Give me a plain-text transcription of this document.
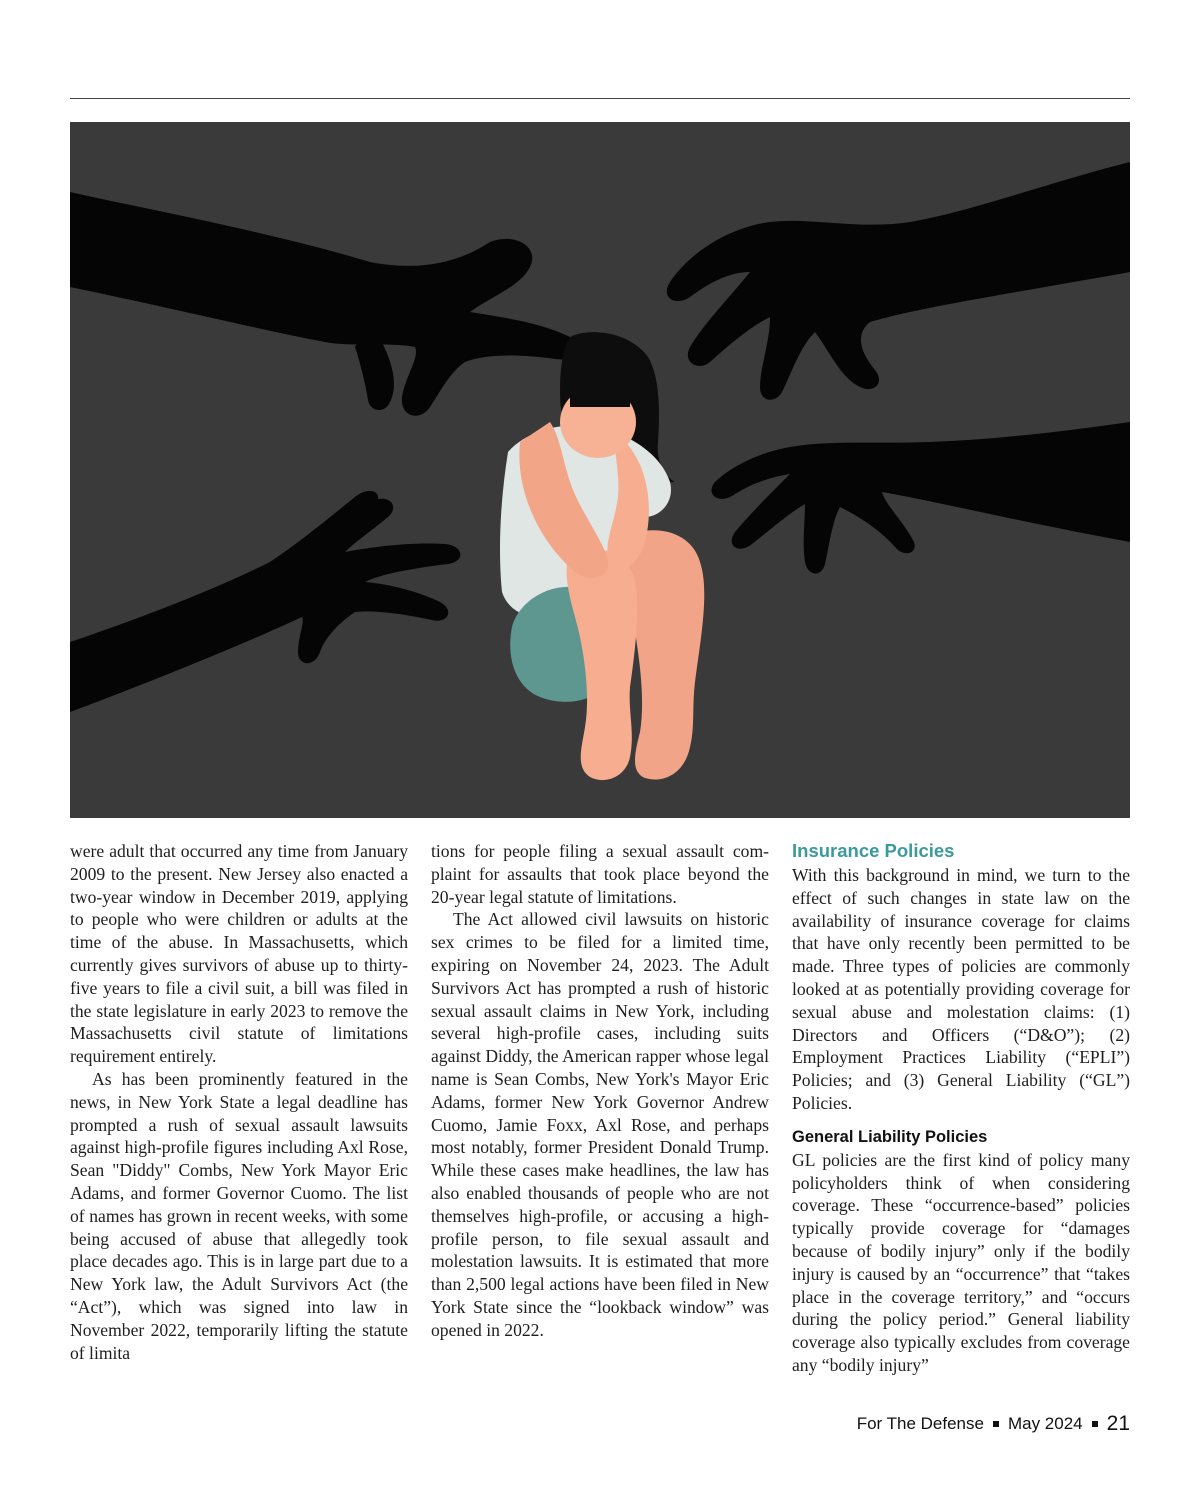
were adult that occurred any time from January 2009 to the present. New Jersey also enacted a two-year window in December 2019, applying to people who were children or adults at the time of the abuse. In Massachusetts, which currently gives survivors of abuse up to thirty-five years to file a civil suit, a bill was filed in the state legislature in early 2023 to remove the Massachusetts civil statute of limitations requirement entirely.

As has been prominently featured in the news, in New York State a legal deadline has prompted a rush of sexual assault lawsuits against high-profile figures including Axl Rose, Sean "Diddy" Combs, New York Mayor Eric Adams, and former Governor Cuomo. The list of names has grown in recent weeks, with some being accused of abuse that allegedly took place decades ago. This is in large part due to a New York law, the Adult Survivors Act (the “Act”), which was signed into law in November 2022, temporarily lifting the statute of limita

tions for people filing a sexual assault complaint for assaults that took place beyond the 20-year legal statute of limitations.

The Act allowed civil lawsuits on historic sex crimes to be filed for a limited time, expiring on November 24, 2023. The Adult Survivors Act has prompted a rush of historic sexual assault claims in New York, including several high-profile cases, including suits against Diddy, the American rapper whose legal name is Sean Combs, New York's Mayor Eric Adams, former New York Governor Andrew Cuomo, Jamie Foxx, Axl Rose, and perhaps most notably, former President Donald Trump. While these cases make headlines, the law has also enabled thousands of people who are not themselves high-profile, or accusing a high-profile person, to file sexual assault and molestation lawsuits. It is estimated that more than 2,500 legal actions have been filed in New York State since the “lookback window” was opened in 2022.

Insurance Policies

With this background in mind, we turn to the effect of such changes in state law on the availability of insurance coverage for claims that have only recently been permitted to be made. Three types of policies are commonly looked at as potentially providing coverage for sexual abuse and molestation claims: (1) Directors and Officers (“D&O”); (2) Employment Practices Liability (“EPLI”) Policies; and (3) General Liability (“GL”) Policies.

General Liability Policies

GL policies are the first kind of policy many policyholders think of when considering coverage. These “occurrence-based” policies typically provide coverage for “damages because of bodily injury” only if the bodily injury is caused by an “occurrence” that “takes place in the coverage territory,” and “occurs during the policy period.” General liability coverage also typically excludes from coverage any “bodily injury”

For The Defense May 2024 21
